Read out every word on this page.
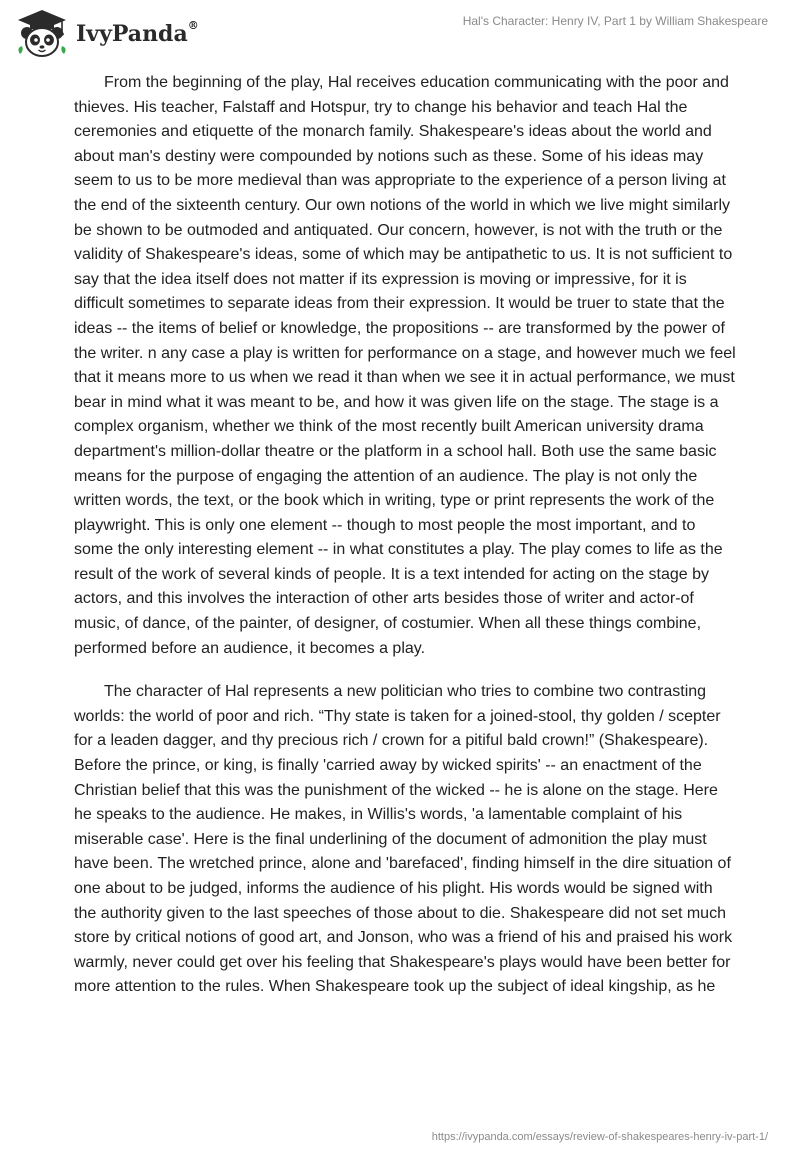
IvyPanda®	Hal's Character: Henry IV, Part 1 by William Shakespeare

From the beginning of the play, Hal receives education communicating with the poor and thieves. His teacher, Falstaff and Hotspur, try to change his behavior and teach Hal the ceremonies and etiquette of the monarch family. Shakespeare's ideas about the world and about man's destiny were compounded by notions such as these. Some of his ideas may seem to us to be more medieval than was appropriate to the experience of a person living at the end of the sixteenth century. Our own notions of the world in which we live might similarly be shown to be outmoded and antiquated. Our concern, however, is not with the truth or the validity of Shakespeare's ideas, some of which may be antipathetic to us. It is not sufficient to say that the idea itself does not matter if its expression is moving or impressive, for it is difficult sometimes to separate ideas from their expression. It would be truer to state that the ideas -- the items of belief or knowledge, the propositions -- are transformed by the power of the writer. n any case a play is written for performance on a stage, and however much we feel that it means more to us when we read it than when we see it in actual performance, we must bear in mind what it was meant to be, and how it was given life on the stage. The stage is a complex organism, whether we think of the most recently built American university drama department's million-dollar theatre or the platform in a school hall. Both use the same basic means for the purpose of engaging the attention of an audience. The play is not only the written words, the text, or the book which in writing, type or print represents the work of the playwright. This is only one element -- though to most people the most important, and to some the only interesting element -- in what constitutes a play. The play comes to life as the result of the work of several kinds of people. It is a text intended for acting on the stage by actors, and this involves the interaction of other arts besides those of writer and actor-of music, of dance, of the painter, of designer, of costumier. When all these things combine, performed before an audience, it becomes a play.

The character of Hal represents a new politician who tries to combine two contrasting worlds: the world of poor and rich. “Thy state is taken for a joined-stool, thy golden / scepter for a leaden dagger, and thy precious rich / crown for a pitiful bald crown!” (Shakespeare). Before the prince, or king, is finally 'carried away by wicked spirits' -- an enactment of the Christian belief that this was the punishment of the wicked -- he is alone on the stage. Here he speaks to the audience. He makes, in Willis's words, 'a lamentable complaint of his miserable case'. Here is the final underlining of the document of admonition the play must have been. The wretched prince, alone and 'barefaced', finding himself in the dire situation of one about to be judged, informs the audience of his plight. His words would be signed with the authority given to the last speeches of those about to die. Shakespeare did not set much store by critical notions of good art, and Jonson, who was a friend of his and praised his work warmly, never could get over his feeling that Shakespeare's plays would have been better for more attention to the rules. When Shakespeare took up the subject of ideal kingship, as he

https://ivypanda.com/essays/review-of-shakespeares-henry-iv-part-1/
